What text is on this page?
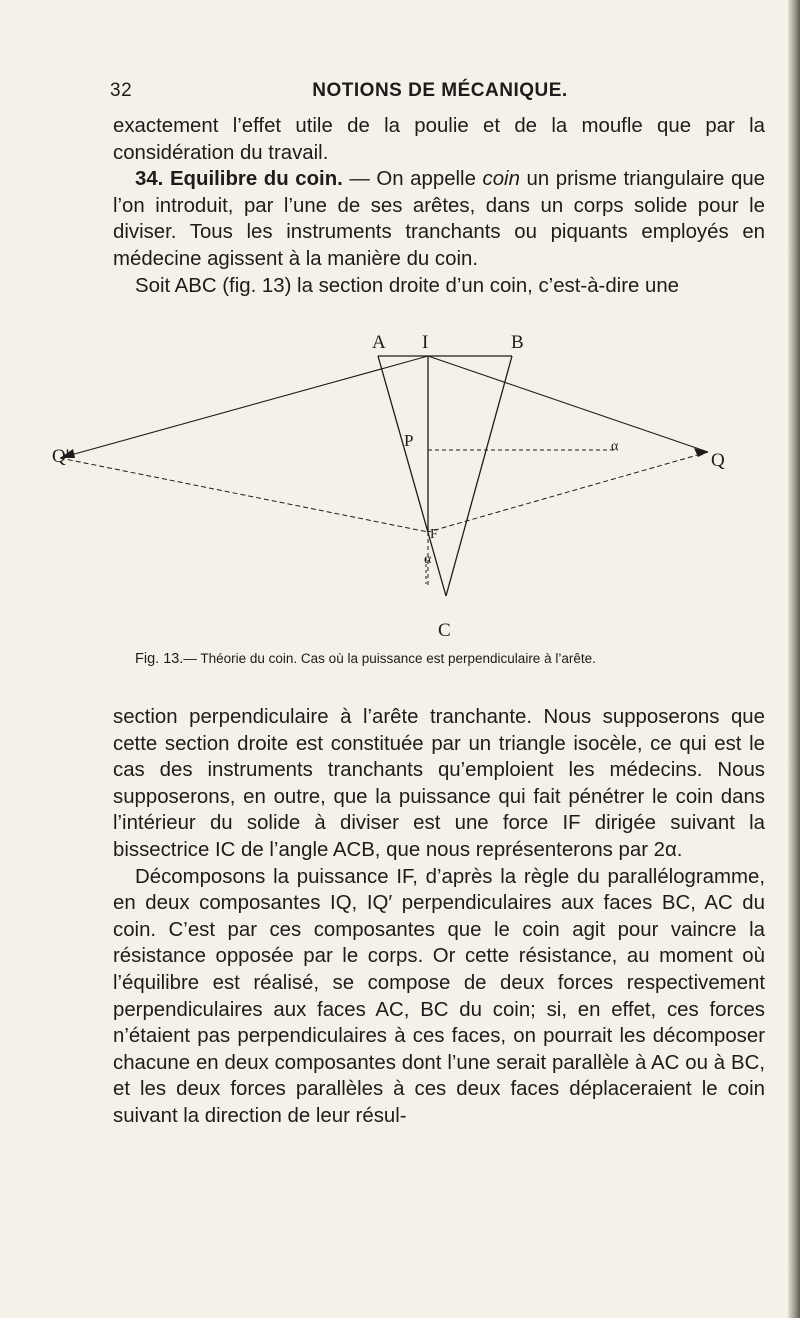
32	NOTIONS DE MÉCANIQUE.

exactement l’effet utile de la poulie et de la moufle que par la considération du travail.

34. Equilibre du coin. — On appelle coin un prisme triangulaire que l’on introduit, par l’une de ses arêtes, dans un corps solide pour le diviser. Tous les instruments tranchants ou piquants employés en médecine agissent à la manière du coin.

Soit ABC (fig. 13) la section droite d’un coin, c’est-à-dire une

A I	B
P
Q
F
α
α
C
Q'
Fig. 13.— Théorie du coin. Cas où la puissance est perpendiculaire à l’arête.

section perpendiculaire à l’arête tranchante. Nous supposerons que cette section droite est constituée par un triangle isocèle, ce qui est le cas des instruments tranchants qu’emploient les médecins. Nous supposerons, en outre, que la puissance qui fait pénétrer le coin dans l’intérieur du solide à diviser est une force IF dirigée suivant la bissectrice IC de l’angle ACB, que nous représenterons par 2α.

Décomposons la puissance IF, d’après la règle du parallélogramme, en deux composantes IQ, IQ′ perpendiculaires aux faces BC, AC du coin. C’est par ces composantes que le coin agit pour vaincre la résistance opposée par le corps. Or cette résistance, au moment où l’équilibre est réalisé, se compose de deux forces respectivement perpendiculaires aux faces AC, BC du coin; si, en effet, ces forces n’étaient pas perpendiculaires à ces faces, on pourrait les décomposer chacune en deux composantes dont l’une serait parallèle à AC ou à BC, et les deux forces parallèles à ces deux faces déplaceraient le coin suivant la direction de leur résul-
